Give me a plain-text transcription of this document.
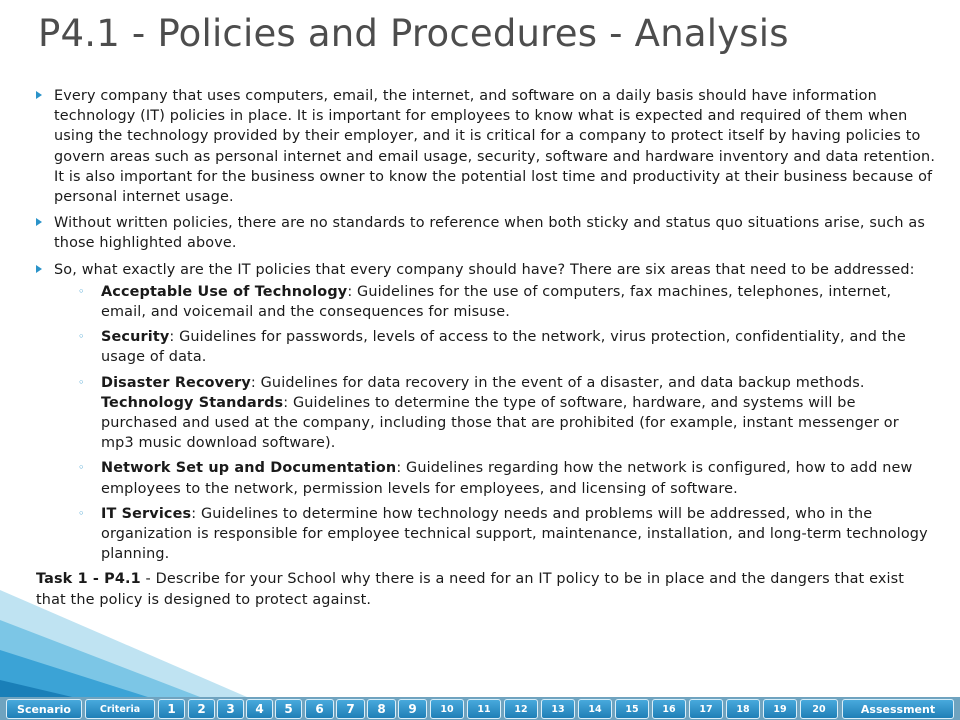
P4.1 - Policies and Procedures - Analysis
Every company that uses computers, email, the internet, and software on a daily basis should have information technology (IT) policies in place. It is important for employees to know what is expected and required of them when using the technology provided by their employer, and it is critical for a company to protect itself by having policies to govern areas such as personal internet and email usage, security, software and hardware inventory and data retention. It is also important for the business owner to know the potential lost time and productivity at their business because of personal internet usage.
Without written policies, there are no standards to reference when both sticky and status quo situations arise, such as those highlighted above.
So, what exactly are the IT policies that every company should have? There are six areas that need to be addressed:
◦ Acceptable Use of Technology: Guidelines for the use of computers, fax machines, telephones, internet, email, and voicemail and the consequences for misuse.
◦ Security: Guidelines for passwords, levels of access to the network, virus protection, confidentiality, and the usage of data.
◦ Disaster Recovery: Guidelines for data recovery in the event of a disaster, and data backup methods.
Technology Standards: Guidelines to determine the type of software, hardware, and systems will be purchased and used at the company, including those that are prohibited (for example, instant messenger or mp3 music download software).
◦ Network Set up and Documentation: Guidelines regarding how the network is configured, how to add new employees to the network, permission levels for employees, and licensing of software.
◦ IT Services: Guidelines to determine how technology needs and problems will be addressed, who in the organization is responsible for employee technical support, maintenance, installation, and long-term technology planning.
Task 1 - P4.1 - Describe for your School why there is a need for an IT policy to be in place and the dangers that exist that the policy is designed to protect against.
Scenario	Criteria	1	2	3	4	5	6	7	8	9	10	11	12	13	14	15	16	17	18	19	20	Assessment
